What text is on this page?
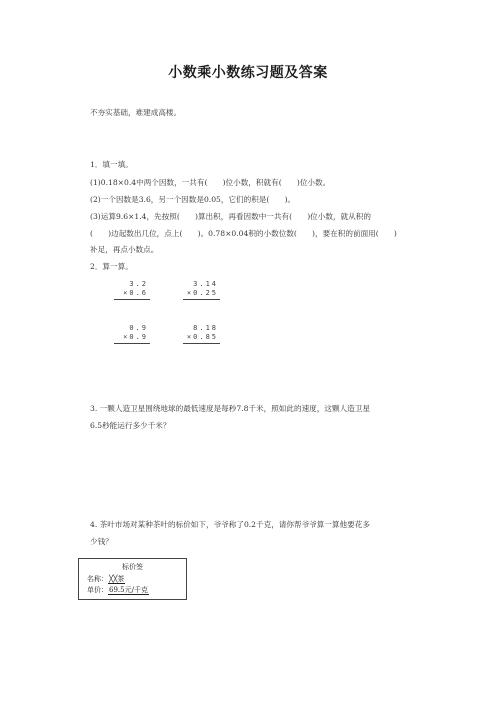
小数乘小数练习题及答案
不夯实基础，难建成高楼。
1．填一填。
(1)0.18×0.4中两个因数，一共有(　　)位小数，积就有(　　)位小数。
(2)一个因数是3.6，另一个因数是0.05，它们的积是(　　)。
(3)运算9.6×1.4，先按照(　　)算出积，再看因数中一共有(　　)位小数，就从积的
(　　)边起数出几位，点上(　　)。0.78×0.04积的小数位数(　　)，要在积的前面用(　　)
补足，再点小数点。
2．算一算。
3.2
×0.6
3.14
×0.25
0.9
×0.9
8.18
×0.85
3. 一颗人造卫星围绕地球的最低速度是每秒7.8千米，照如此的速度，这颗人造卫星
6.5秒能运行多少千米？
4. 茶叶市场对某种茶叶的标价如下，爷爷称了0.2千克，请你帮爷爷算一算他要花多
少钱？
标价签
名称：╳╳茶
单价：69.5元/千克
